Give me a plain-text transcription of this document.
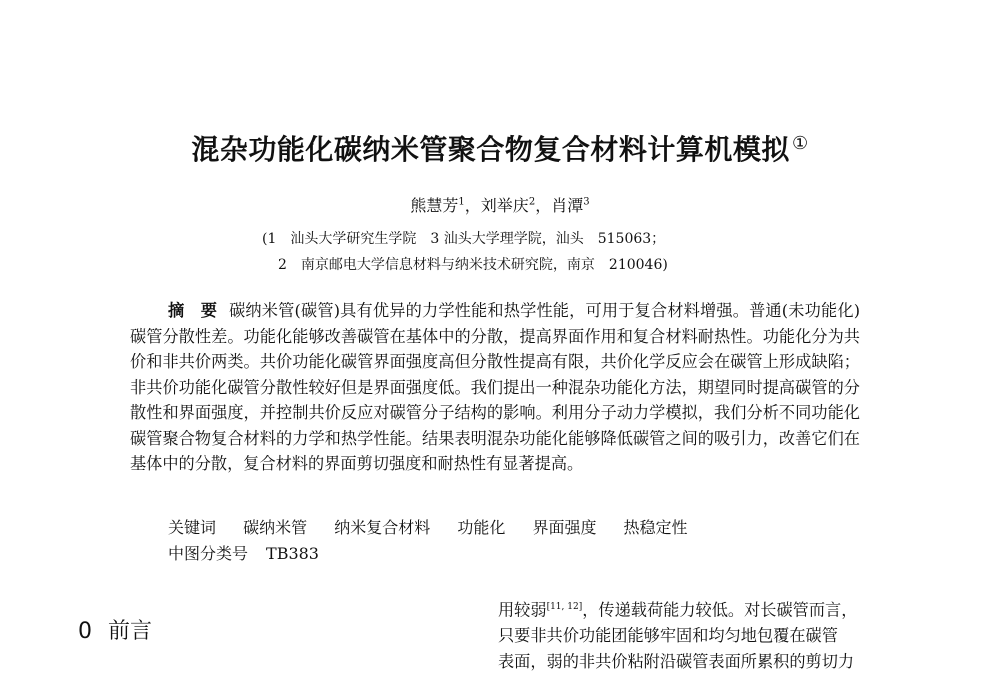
混杂功能化碳纳米管聚合物复合材料计算机模拟 ①
熊慧芳$^1$，刘举庆$^2$，肖潭$^3$
(1　汕头大学研究生学院　3 汕头大学理学院，汕头　515063；
2　南京邮电大学信息材料与纳米技术研究院，南京　210046)
摘　要 碳纳米管(碳管)具有优异的力学性能和热学性能，可用于复合材料增强。普通(未功能化)碳管分散性差。功能化能够改善碳管在基体中的分散，提高界面作用和复合材料耐热性。功能化分为共价和非共价两类。共价功能化碳管界面强度高但分散性提高有限，共价化学反应会在碳管上形成缺陷；非共价功能化碳管分散性较好但是界面强度低。我们提出一种混杂功能化方法，期望同时提高碳管的分散性和界面强度，并控制共价反应对碳管分子结构的影响。利用分子动力学模拟，我们分析不同功能化碳管聚合物复合材料的力学和热学性能。结果表明混杂功能化能够降低碳管之间的吸引力，改善它们在基体中的分散，复合材料的界面剪切强度和耐热性有显著提高。
关键词 碳纳米管 纳米复合材料 功能化 界面强度 热稳定性
中图分类号 TB383
0 前言
用较弱[11, 12]，传递载荷能力较低。对长碳管而言，
只要非共价功能团能够牢固和均匀地包覆在碳管
表面，弱的非共价粘附沿碳管表面所累积的剪切力
